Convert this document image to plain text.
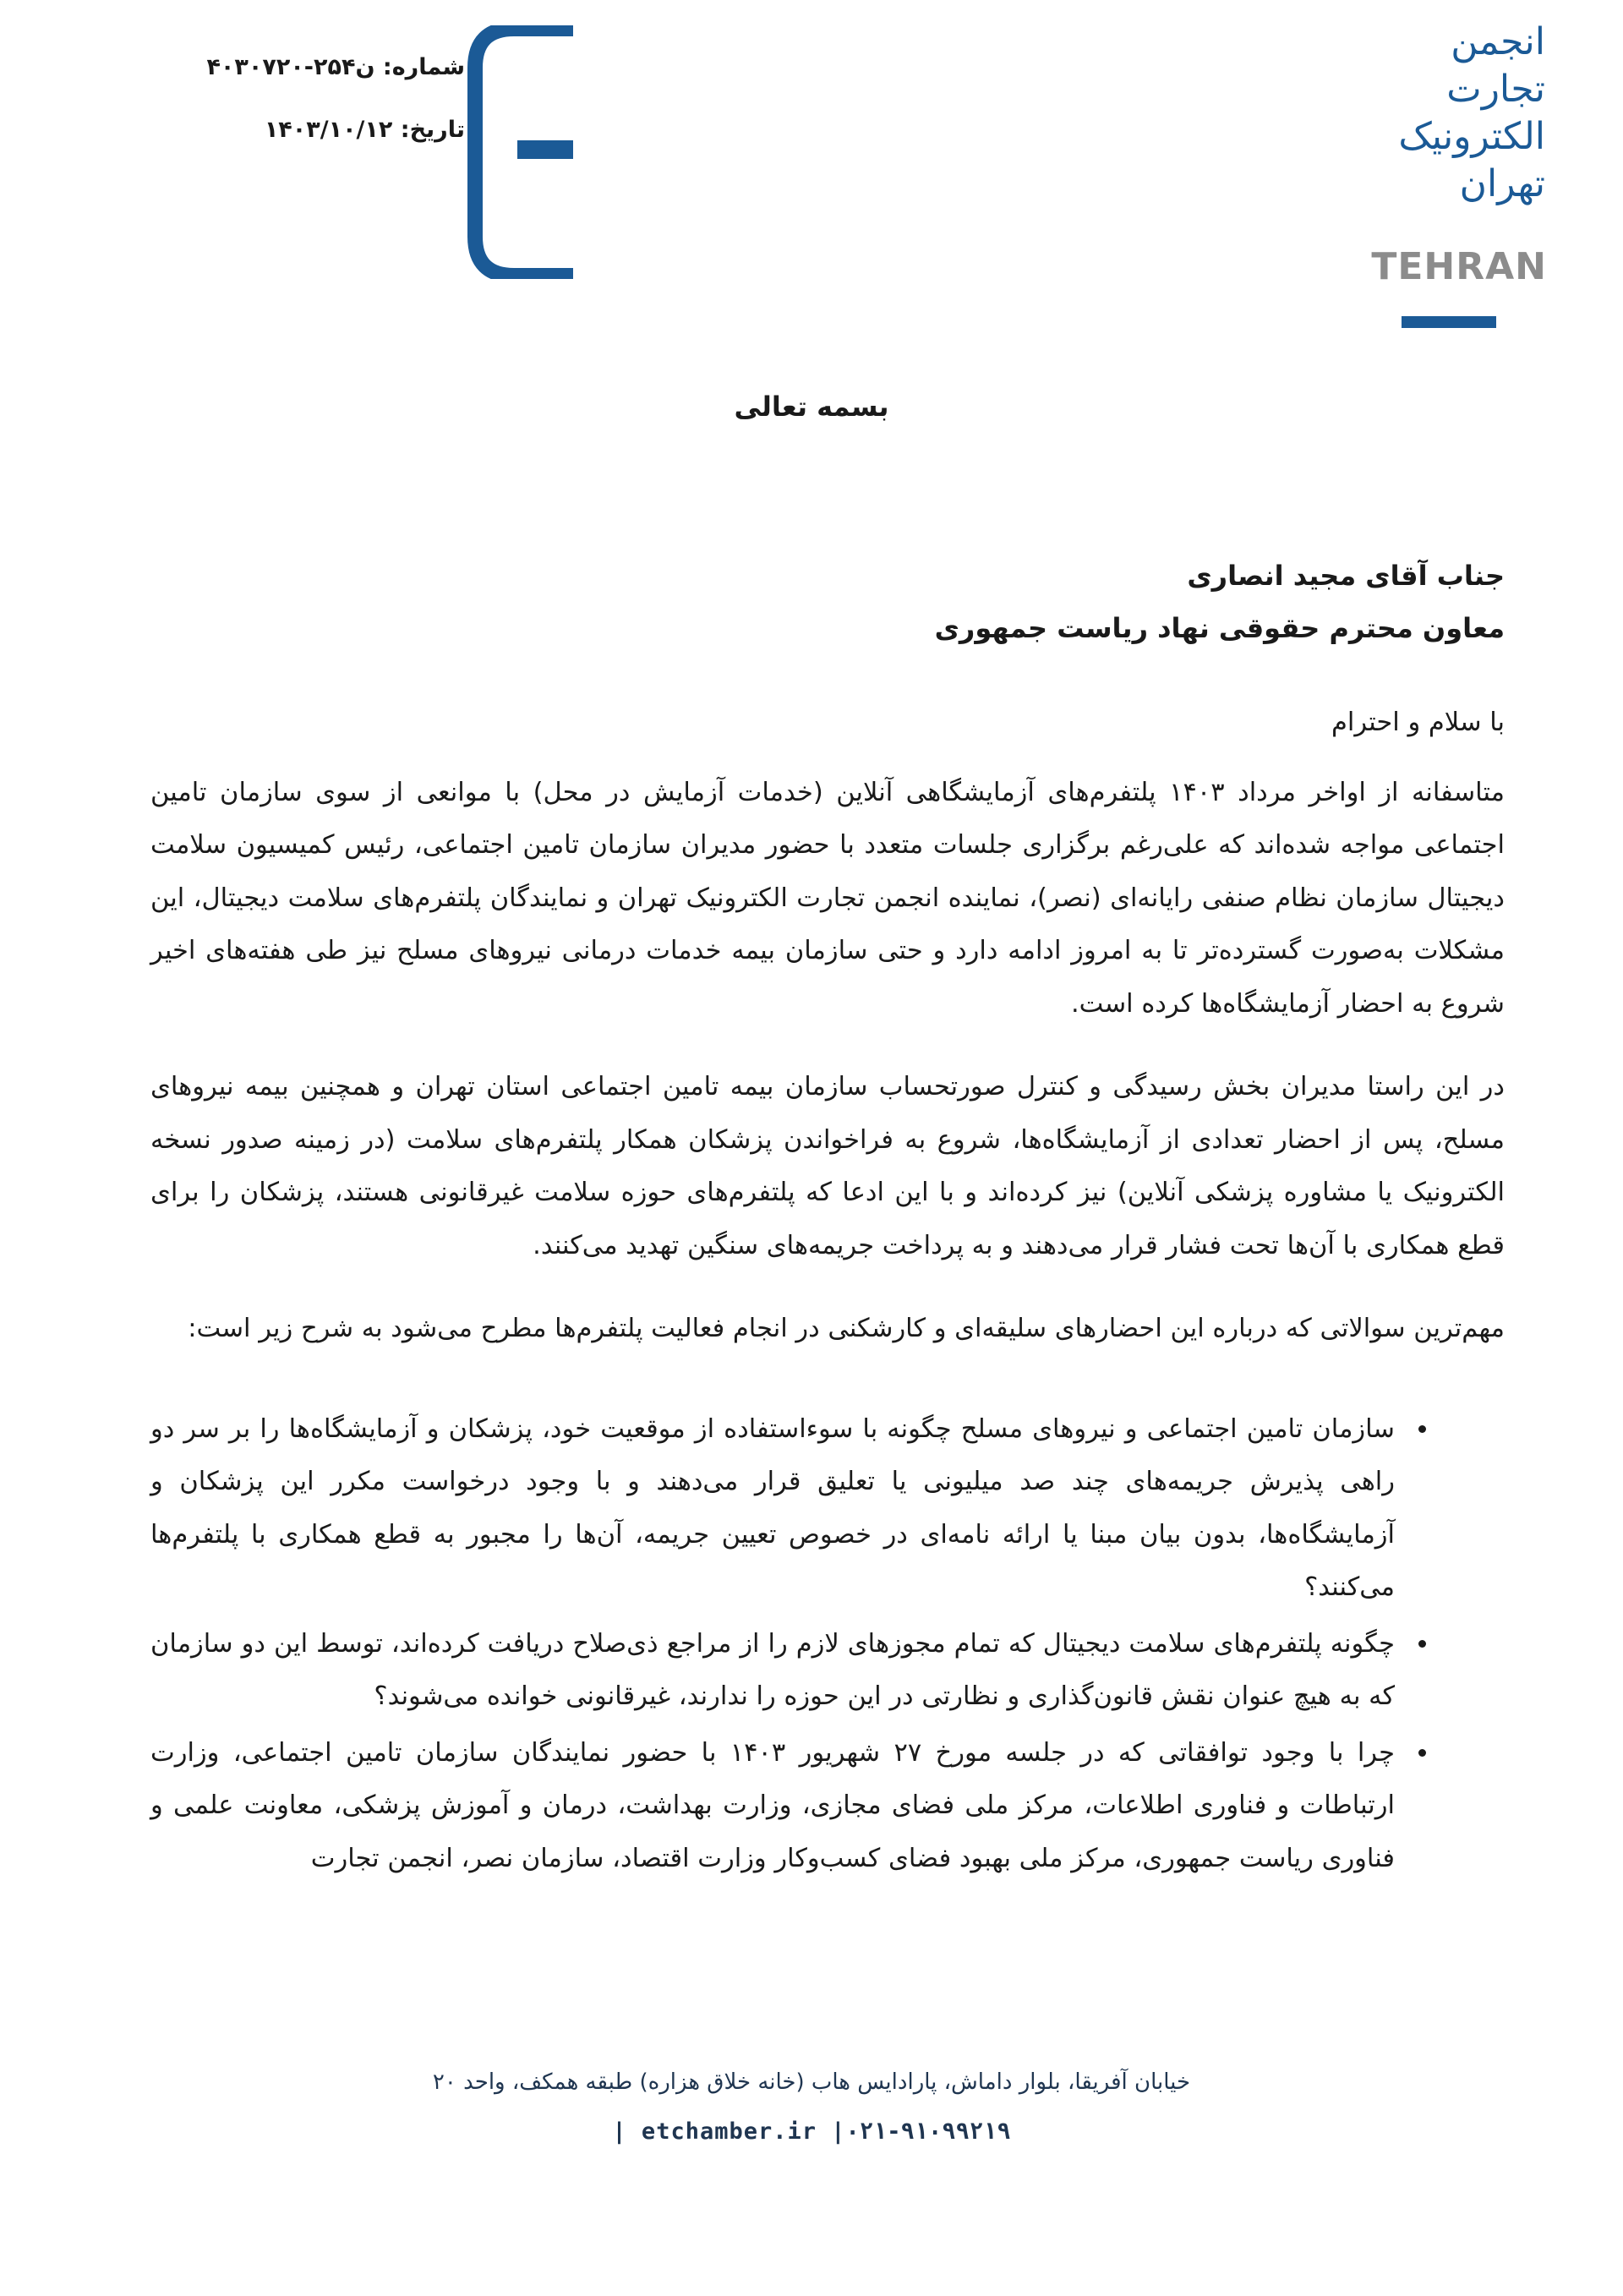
انجمن
تجارت
الکترونیک
تهران
TEHRAN
شماره: ن۲۵۴-۴۰۳۰۷۲۰
تاریخ: ۱۴۰۳/۱۰/۱۲
بسمه تعالی

جناب آقای مجید انصاری

معاون محترم حقوقی نهاد ریاست جمهوری

با سلام و احترام

متاسفانه از اواخر مرداد ۱۴۰۳ پلتفرم‌های آزمایشگاهی آنلاین (خدمات آزمایش در محل) با موانعی از سوی سازمان تامین اجتماعی مواجه شده‌اند که علی‌رغم برگزاری جلسات متعدد با حضور مدیران سازمان تامین اجتماعی، رئیس کمیسیون سلامت دیجیتال سازمان نظام صنفی رایانه‌ای (نصر)، نماینده انجمن تجارت الکترونیک تهران و نمایندگان پلتفرم‌های سلامت دیجیتال، این مشکلات به‌صورت گسترده‌تر تا به امروز ادامه دارد و حتی سازمان بیمه خدمات درمانی نیروهای مسلح نیز طی هفته‌های اخیر شروع به احضار آزمایشگاه‌ها کرده است.

در این راستا مدیران بخش رسیدگی و کنترل صورتحساب سازمان بیمه تامین اجتماعی استان تهران و همچنین بیمه نیروهای مسلح، پس از احضار تعدادی از آزمایشگاه‌ها، شروع به فراخواندن پزشکان همکار پلتفرم‌های سلامت (در زمینه صدور نسخه الکترونیک یا مشاوره پزشکی آنلاین) نیز کرده‌اند و با این ادعا که پلتفرم‌های حوزه سلامت غیرقانونی هستند، پزشکان را برای قطع همکاری با آن‌ها تحت فشار قرار می‌دهند و به پرداخت جریمه‌های سنگین تهدید می‌کنند.

مهم‌ترین سوالاتی که درباره این احضارهای سلیقه‌ای و کارشکنی در انجام فعالیت پلتفرم‌ها مطرح می‌شود به شرح زیر است:

• سازمان تامین اجتماعی و نیروهای مسلح چگونه با سوءاستفاده از موقعیت خود، پزشکان و آزمایشگاه‌ها را بر سر دو راهی پذیرش جریمه‌های چند صد میلیونی یا تعلیق قرار می‌دهند و با وجود درخواست مکرر این پزشکان و آزمایشگاه‌ها، بدون بیان مبنا یا ارائه نامه‌ای در خصوص تعیین جریمه، آن‌ها را مجبور به قطع همکاری با پلتفرم‌ها می‌کنند؟
• چگونه پلتفرم‌های سلامت دیجیتال که تمام مجوزهای لازم را از مراجع ذی‌صلاح دریافت کرده‌اند، توسط این دو سازمان که به هیچ عنوان نقش قانون‌گذاری و نظارتی در این حوزه را ندارند، غیرقانونی خوانده می‌شوند؟
• چرا با وجود توافقاتی که در جلسه مورخ ۲۷ شهریور ۱۴۰۳ با حضور نمایندگان سازمان تامین اجتماعی، وزارت ارتباطات و فناوری اطلاعات، مرکز ملی فضای مجازی، وزارت بهداشت، درمان و آموزش پزشکی، معاونت علمی و فناوری ریاست جمهوری، مرکز ملی بهبود فضای کسب‌وکار وزارت اقتصاد، سازمان نصر، انجمن تجارت
خیابان آفریقا، بلوار داماش، پارادایس هاب (خانه خلاق هزاره) طبقه همکف، واحد ۲۰
| etchamber.ir |۰۲۱-۹۱۰۹۹۲۱۹
